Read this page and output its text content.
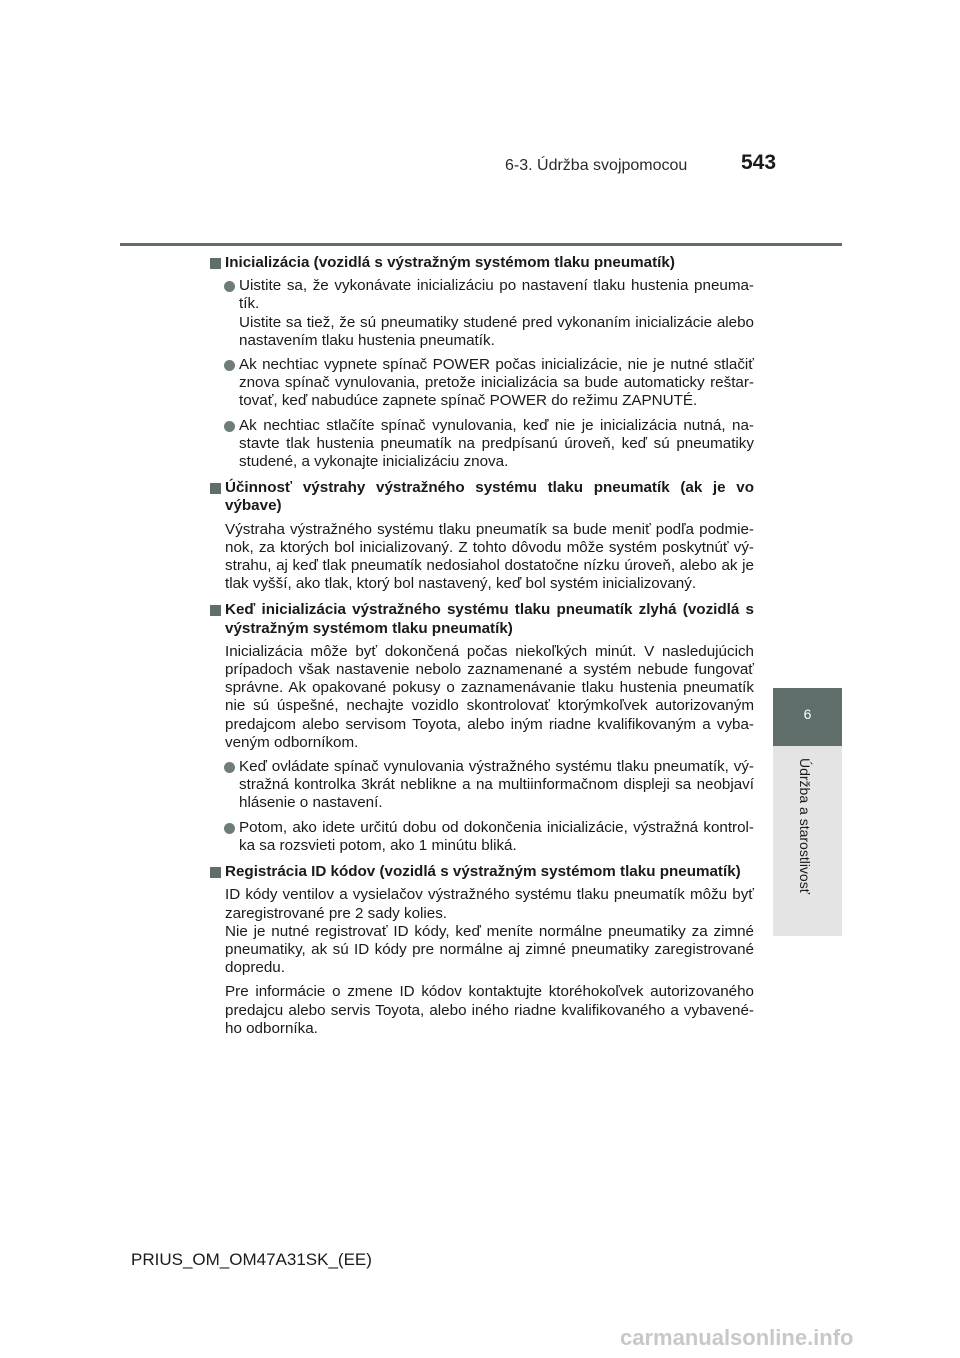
6-3. Údržba svojpomocou	543
6
Údržba a starostlivosť
Inicializácia (vozidlá s výstražným systémom tlaku pneumatík)
Uistite sa, že vykonávate inicializáciu po nastavení tlaku hustenia pneuma-tík.
Uistite sa tiež, že sú pneumatiky studené pred vykonaním inicializácie alebo nastavením tlaku hustenia pneumatík.
Ak nechtiac vypnete spínač POWER počas inicializácie, nie je nutné stlačiť znova spínač vynulovania, pretože inicializácia sa bude automaticky reštar-tovať, keď nabudúce zapnete spínač POWER do režimu ZAPNUTÉ.
Ak nechtiac stlačíte spínač vynulovania, keď nie je inicializácia nutná, na-stavte tlak hustenia pneumatík na predpísanú úroveň, keď sú pneumatiky studené, a vykonajte inicializáciu znova.
Účinnosť výstrahy výstražného systému tlaku pneumatík (ak je vo výbave)
Výstraha výstražného systému tlaku pneumatík sa bude meniť podľa podmie-nok, za ktorých bol inicializovaný. Z tohto dôvodu môže systém poskytnúť vý-strahu, aj keď tlak pneumatík nedosiahol dostatočne nízku úroveň, alebo ak je tlak vyšší, ako tlak, ktorý bol nastavený, keď bol systém inicializovaný.
Keď inicializácia výstražného systému tlaku pneumatík zlyhá (vozidlá s výstražným systémom tlaku pneumatík)
Inicializácia môže byť dokončená počas niekoľkých minút. V nasledujúcich prípadoch však nastavenie nebolo zaznamenané a systém nebude fungovať správne. Ak opakované pokusy o zaznamenávanie tlaku hustenia pneumatík nie sú úspešné, nechajte vozidlo skontrolovať ktorýmkoľvek autorizovaným predajcom alebo servisom Toyota, alebo iným riadne kvalifikovaným a vyba-veným odborníkom.
Keď ovládate spínač vynulovania výstražného systému tlaku pneumatík, vý-stražná kontrolka 3krát neblikne a na multiinformačnom displeji sa neobjaví hlásenie o nastavení.
Potom, ako idete určitú dobu od dokončenia inicializácie, výstražná kontrol-ka sa rozsvieti potom, ako 1 minútu bliká.
Registrácia ID kódov (vozidlá s výstražným systémom tlaku pneumatík)
ID kódy ventilov a vysielačov výstražného systému tlaku pneumatík môžu byť zaregistrované pre 2 sady kolies.
Nie je nutné registrovať ID kódy, keď meníte normálne pneumatiky za zimné pneumatiky, ak sú ID kódy pre normálne aj zimné pneumatiky zaregistrované dopredu.
Pre informácie o zmene ID kódov kontaktujte ktoréhokoľvek autorizovaného predajcu alebo servis Toyota, alebo iného riadne kvalifikovaného a vybavené-ho odborníka.
PRIUS_OM_OM47A31SK_(EE)
carmanualsonline.info
